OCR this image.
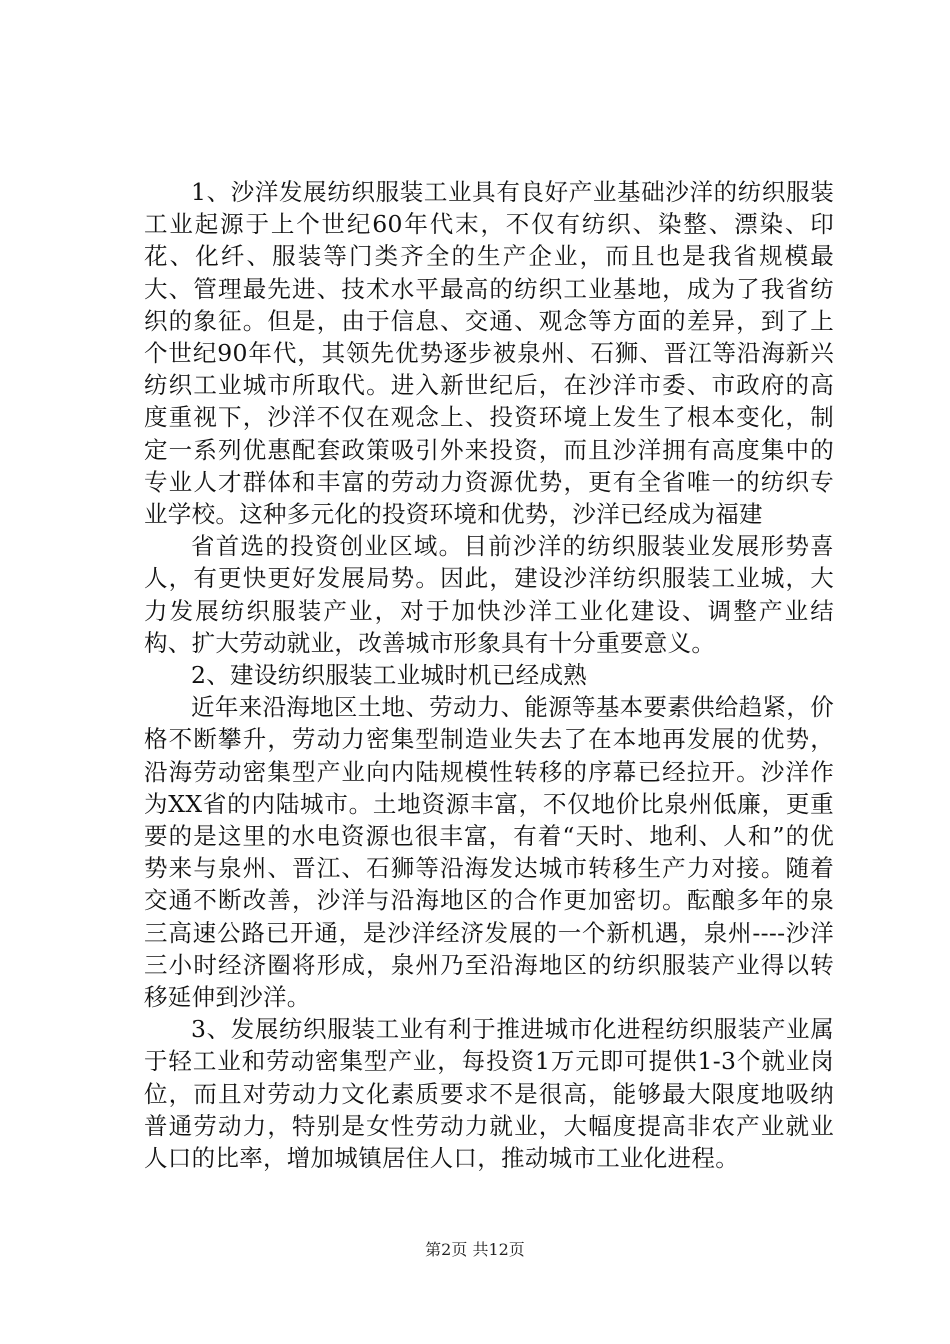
1、沙洋发展纺织服装工业具有良好产业基础沙洋的纺织服装工业起源于上个世纪60年代末，不仅有纺织、染整、漂染、印花、化纤、服装等门类齐全的生产企业，而且也是我省规模最大、管理最先进、技术水平最高的纺织工业基地，成为了我省纺织的象征。但是，由于信息、交通、观念等方面的差异，到了上个世纪90年代，其领先优势逐步被泉州、石狮、晋江等沿海新兴纺织工业城市所取代。进入新世纪后，在沙洋市委、市政府的高度重视下，沙洋不仅在观念上、投资环境上发生了根本变化，制定一系列优惠配套政策吸引外来投资，而且沙洋拥有高度集中的专业人才群体和丰富的劳动力资源优势，更有全省唯一的纺织专业学校。这种多元化的投资环境和优势，沙洋已经成为福建

省首选的投资创业区域。目前沙洋的纺织服装业发展形势喜人，有更快更好发展局势。因此，建设沙洋纺织服装工业城，大力发展纺织服装产业，对于加快沙洋工业化建设、调整产业结构、扩大劳动就业，改善城市形象具有十分重要意义。

2、建设纺织服装工业城时机已经成熟

近年来沿海地区土地、劳动力、能源等基本要素供给趋紧，价格不断攀升，劳动力密集型制造业失去了在本地再发展的优势，沿海劳动密集型产业向内陆规模性转移的序幕已经拉开。沙洋作为XX省的内陆城市。土地资源丰富，不仅地价比泉州低廉，更重要的是这里的水电资源也很丰富，有着“天时、地利、人和”的优势来与泉州、晋江、石狮等沿海发达城市转移生产力对接。随着交通不断改善，沙洋与沿海地区的合作更加密切。酝酿多年的泉三高速公路已开通，是沙洋经济发展的一个新机遇，泉州----沙洋三小时经济圈将形成，泉州乃至沿海地区的纺织服装产业得以转移延伸到沙洋。

3、发展纺织服装工业有利于推进城市化进程纺织服装产业属于轻工业和劳动密集型产业，每投资1万元即可提供1-3个就业岗位，而且对劳动力文化素质要求不是很高，能够最大限度地吸纳普通劳动力，特别是女性劳动力就业，大幅度提高非农产业就业人口的比率，增加城镇居住人口，推动城市工业化进程。

第2页 共12页
